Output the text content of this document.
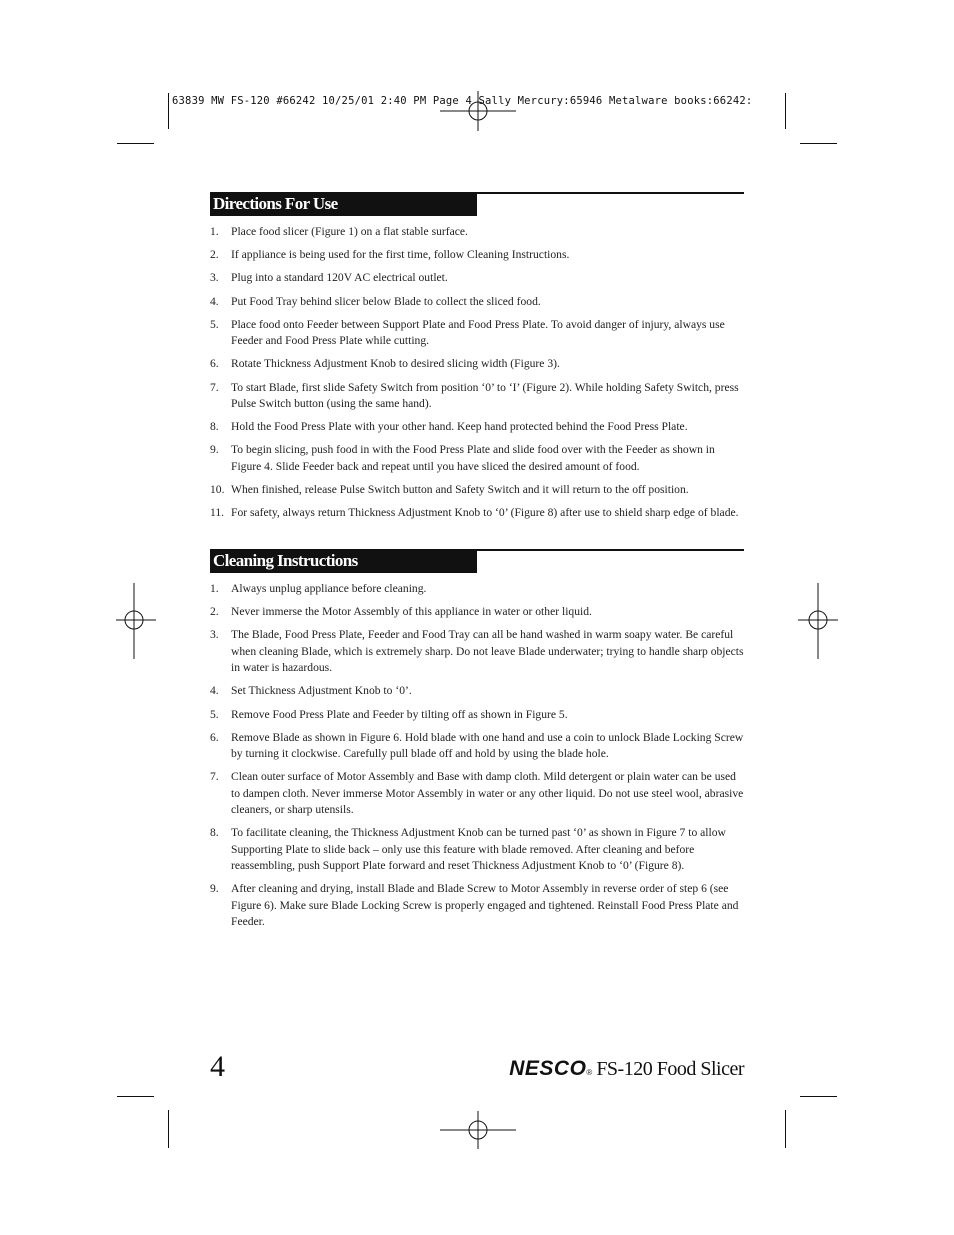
63839 MW FS-120 #66242 10/25/01 2:40 PM Page 4 Sally Mercury:65946 Metalware books:66242:
Directions For Use
1.	Place food slicer (Figure 1) on a flat stable surface.
2.	If appliance is being used for the first time, follow Cleaning Instructions.
3.	Plug into a standard 120V AC electrical outlet.
4.	Put Food Tray behind slicer below Blade to collect the sliced food.
5.	Place food onto Feeder between Support Plate and Food Press Plate. To avoid danger of injury, always use Feeder and Food Press Plate while cutting.
6.	Rotate Thickness Adjustment Knob to desired slicing width (Figure 3).
7.	To start Blade, first slide Safety Switch from position ‘0’ to ‘I’ (Figure 2). While holding Safety Switch, press Pulse Switch button (using the same hand).
8.	Hold the Food Press Plate with your other hand. Keep hand protected behind the Food Press Plate.
9.	To begin slicing, push food in with the Food Press Plate and slide food over with the Feeder as shown in Figure 4. Slide Feeder back and repeat until you have sliced the desired amount of food.
10. When finished, release Pulse Switch button and Safety Switch and it will return to the off position.
11. For safety, always return Thickness Adjustment Knob to ‘0’ (Figure 8) after use to shield sharp edge of blade.
Cleaning Instructions
1.	Always unplug appliance before cleaning.
2.	Never immerse the Motor Assembly of this appliance in water or other liquid.
3.	The Blade, Food Press Plate, Feeder and Food Tray can all be hand washed in warm soapy water. Be careful when cleaning Blade, which is extremely sharp. Do not leave Blade underwater; trying to handle sharp objects in water is hazardous.
4.	Set Thickness Adjustment Knob to ‘0’.
5.	Remove Food Press Plate and Feeder by tilting off as shown in Figure 5.
6.	Remove Blade as shown in Figure 6. Hold blade with one hand and use a coin to unlock Blade Locking Screw by turning it clockwise. Carefully pull blade off and hold by using the blade hole.
7.	Clean outer surface of Motor Assembly and Base with damp cloth. Mild detergent or plain water can be used to dampen cloth. Never immerse Motor Assembly in water or any other liquid. Do not use steel wool, abrasive cleaners, or sharp utensils.
8.	To facilitate cleaning, the Thickness Adjustment Knob can be turned past ‘0’ as shown in Figure 7 to allow Supporting Plate to slide back – only use this feature with blade removed. After cleaning and before reassembling, push Support Plate forward and reset Thickness Adjustment Knob to ‘0’ (Figure 8).
9.	After cleaning and drying, install Blade and Blade Screw to Motor Assembly in reverse order of step 6 (see Figure 6). Make sure Blade Locking Screw is properly engaged and tightened. Reinstall Food Press Plate and Feeder.
4	NESCO ® FS-120 Food Slicer
